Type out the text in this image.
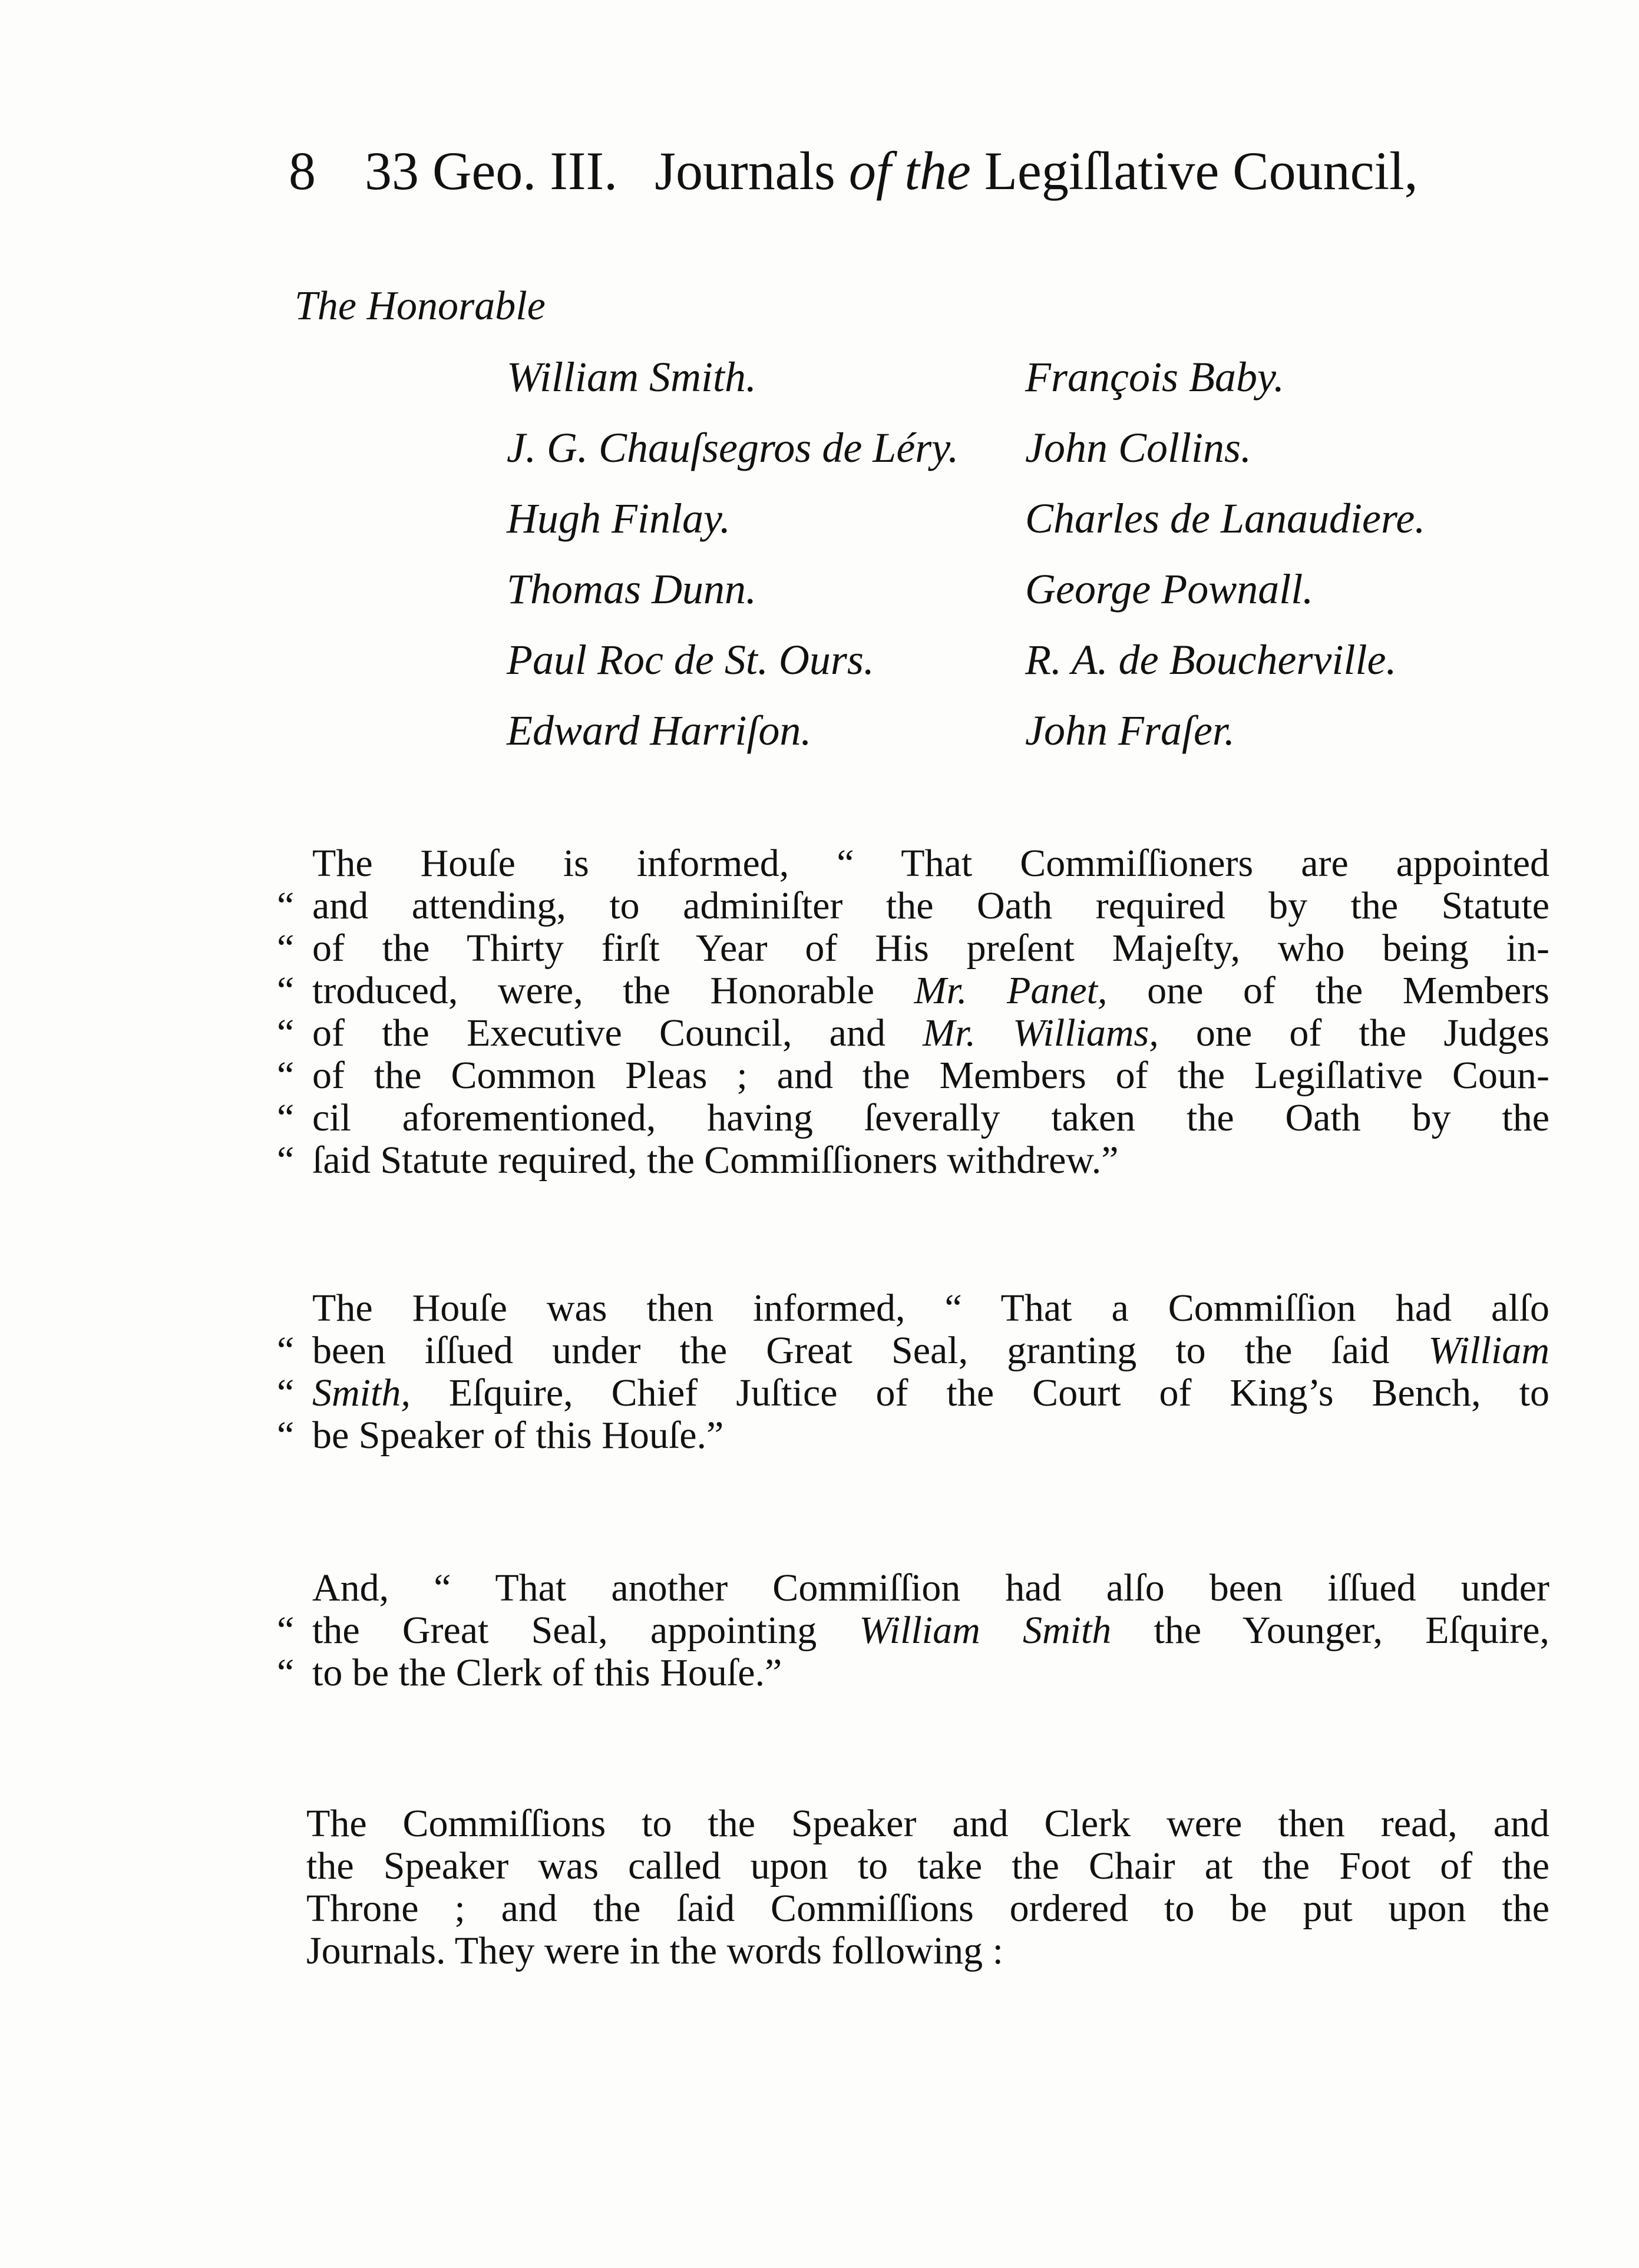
8 33 Geo. III. Journals of the Legiſlative Council,
The Honorable
William Smith.	François Baby.
J. G. Chauſsegros de Léry.	John Collins.
Hugh Finlay.	Charles de Lanaudiere.
Thomas Dunn.	George Pownall.
Paul Roc de St. Ours.	R. A. de Boucherville.
Edward Harriſon.	John Fraſer.
The Houſe is informed, “ That Commiſſioners are appointed
“ and attending, to adminiſter the Oath required by the Statute
“ of the Thirty firſt Year of His preſent Majeſty, who being in-
“ troduced, were, the Honorable Mr. Panet, one of the Members
“ of the Executive Council, and Mr. Williams, one of the Judges
“ of the Common Pleas ; and the Members of the Legiſlative Coun-
“ cil aforementioned, having ſeverally taken the Oath by the
“ ſaid Statute required, the Commiſſioners withdrew.”
The Houſe was then informed, “ That a Commiſſion had alſo
“ been iſſued under the Great Seal, granting to the ſaid William
“ Smith, Eſquire, Chief Juſtice of the Court of King’s Bench, to
“ be Speaker of this Houſe.”
And, “ That another Commiſſion had alſo been iſſued under
“ the Great Seal, appointing William Smith the Younger, Eſquire,
“ to be the Clerk of this Houſe.”
The Commiſſions to the Speaker and Clerk were then read, and
the Speaker was called upon to take the Chair at the Foot of the
Throne ; and the ſaid Commiſſions ordered to be put upon the
Journals. They were in the words following :
